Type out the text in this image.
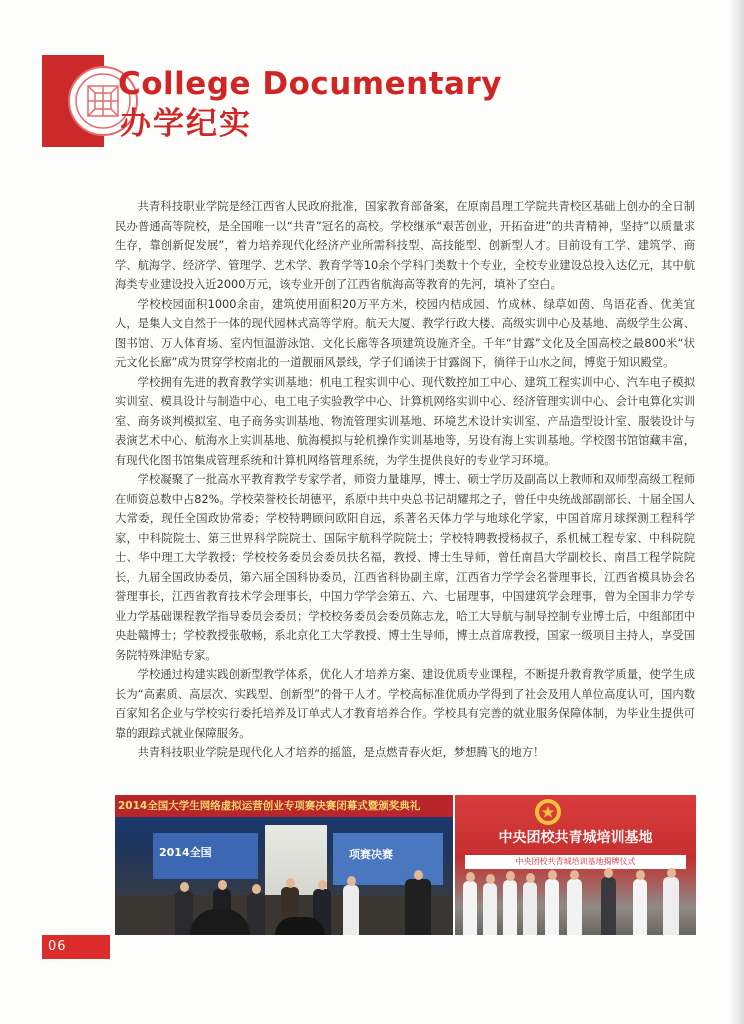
College Documentary
办学纪实

共青科技职业学院是经江西省人民政府批准，国家教育部备案，在原南昌理工学院共青校区基础上创办的全日制民办普通高等院校，是全国唯一以“共青”冠名的高校。学校继承“艰苦创业，开拓奋进”的共青精神，坚持“以质量求生存，靠创新促发展”，着力培养现代化经济产业所需科技型、高技能型、创新型人才。目前设有工学、建筑学、商学、航海学、经济学、管理学、艺术学、教育学等10余个学科门类数十个专业，全校专业建设总投入达亿元，其中航海类专业建设投入近2000万元，该专业开创了江西省航海高等教育的先河，填补了空白。

学校校园面积1000余亩，建筑使用面积20万平方米，校园内桔成园、竹成林、绿草如茵、鸟语花香、优美宜人，是集人文自然于一体的现代园林式高等学府。航天大厦、教学行政大楼、高级实训中心及基地、高级学生公寓、图书馆、万人体育场、室内恒温游泳馆、文化长廊等各项建筑设施齐全。千年“甘露”文化及全国高校之最800米“状元文化长廊”成为贯穿学校南北的一道靓丽风景线，学子们诵读于甘露阁下，徜徉于山水之间，博览于知识殿堂。

学校拥有先进的教育教学实训基地：机电工程实训中心、现代数控加工中心、建筑工程实训中心、汽车电子模拟实训室、模具设计与制造中心、电工电子实验教学中心、计算机网络实训中心、经济管理实训中心、会计电算化实训室、商务谈判模拟室、电子商务实训基地、物流管理实训基地、环境艺术设计实训室、产品造型设计室、服装设计与表演艺术中心、航海水上实训基地、航海模拟与轮机操作实训基地等，另设有海上实训基地。学校图书馆馆藏丰富，有现代化图书馆集成管理系统和计算机网络管理系统，为学生提供良好的专业学习环境。

学校凝聚了一批高水平教育教学专家学者，师资力量雄厚，博士、硕士学历及副高以上教师和双师型高级工程师在师资总数中占82%。学校荣誉校长胡德平，系原中共中央总书记胡耀邦之子，曾任中央统战部副部长、十届全国人大常委，现任全国政协常委；学校特聘顾问欧阳自远，系著名天体力学与地球化学家，中国首席月球探测工程科学家，中科院院士、第三世界科学院院士、国际宇航科学院院士；学校特聘教授杨叔子，系机械工程专家、中科院院士、华中理工大学教授；学校校务委员会委员扶名福，教授、博士生导师，曾任南昌大学副校长、南昌工程学院院长，九届全国政协委员，第六届全国科协委员，江西省科协副主席，江西省力学学会名誉理事长，江西省模具协会名誉理事长，江西省教育技术学会理事长，中国力学学会第五、六、七届理事，中国建筑学会理事，曾为全国非力学专业力学基础课程教学指导委员会委员；学校校务委员会委员陈志龙，哈工大导航与制导控制专业博士后，中组部团中央赴赣博士；学校教授张敬畅，系北京化工大学教授、博士生导师，博士点首席教授，国家一级项目主持人，享受国务院特殊津贴专家。

学校通过构建实践创新型教学体系，优化人才培养方案、建设优质专业课程，不断提升教育教学质量，使学生成长为“高素质、高层次、实践型、创新型”的骨干人才。学校高标准优质办学得到了社会及用人单位高度认可，国内数百家知名企业与学校实行委托培养及订单式人才教育培养合作。学校具有完善的就业服务保障体制，为毕业生提供可靠的跟踪式就业保障服务。

共青科技职业学院是现代化人才培养的摇篮，是点燃青春火炬，梦想腾飞的地方！

2014全国大学生网络虚拟运营创业专项赛决赛闭幕式暨颁奖典礼
2014全国	项赛决赛
中央团校共青城培训基地
中央团校共青城培训基地揭牌仪式
06
